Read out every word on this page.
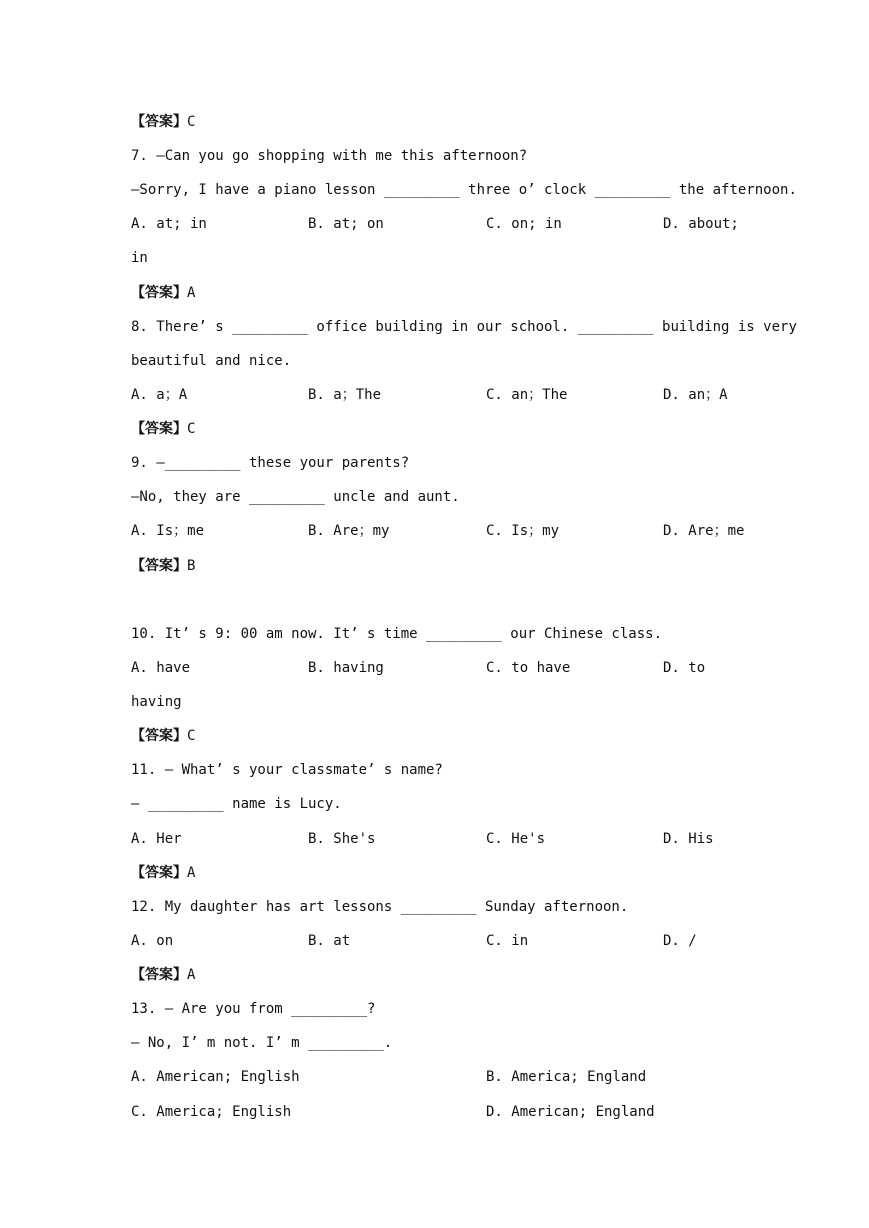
【答案】C
7. —Can you go shopping with me this afternoon?
—Sorry, I have a piano lesson _________ three o’ clock _________ the afternoon.
A. at; in	B. at; on	C. on; in	D. about;
in
【答案】A
8. There’ s _________ office building in our school. _________ building is very
beautiful and nice.
A. a；A	B. a；The	C. an；The	D. an；A
【答案】C
9. —_________ these your parents?
—No, they are _________ uncle and aunt.
A. Is；me	B. Are；my	C. Is；my	D. Are；me
【答案】B
10. It’ s 9: 00 am now. It’ s time _________ our Chinese class.
A. have	B. having	C. to have	D. to
having
【答案】C
11. — What’ s your classmate’ s name?
— _________ name is Lucy.
A. Her	B. She's	C. He's	D. His
【答案】A
12. My daughter has art lessons _________ Sunday afternoon.
A. on	B. at	C. in	D. /
【答案】A
13. — Are you from _________?
— No, I’ m not. I’ m _________.
A. American; English	B. America; England
C. America; English	D. American; England
